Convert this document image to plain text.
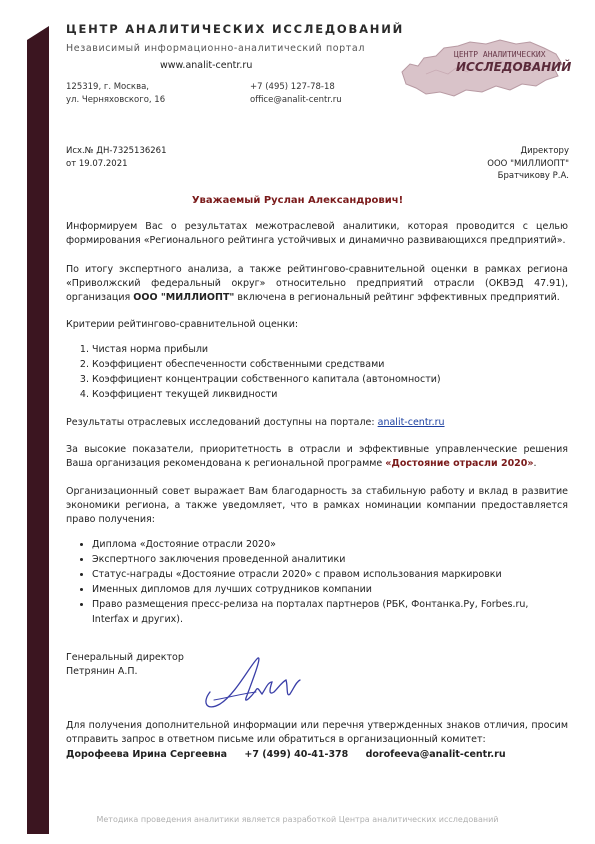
ЦЕНТР АНАЛИТИЧЕСКИХ ИССЛЕДОВАНИЙ
Независимый информационно-аналитический портал
www.analit-centr.ru
125319, г. Москва,
ул. Черняховского, 16
+7 (495) 127-78-18
office@analit-centr.ru
ЦЕНТР АНАЛИТИЧЕСКИХ
ИССЛЕДОВАНИЙ
Исх.№ ДН-7325136261
от 19.07.2021
Директору
ООО "МИЛЛИОПТ"
Братчикову Р.А.
Уважаемый Руслан Александрович!
Информируем Вас о результатах межотраслевой аналитики, которая проводится с целью формирования «Регионального рейтинга устойчивых и динамично развивающихся предприятий».
По итогу экспертного анализа, а также рейтингово-сравнительной оценки в рамках региона «Приволжский федеральный округ» относительно предприятий отрасли (ОКВЭД 47.91), организация ООО "МИЛЛИОПТ" включена в региональный рейтинг эффективных предприятий.
Критерии рейтингово-сравнительной оценки:
1. Чистая норма прибыли
2. Коэффициент обеспеченности собственными средствами
3. Коэффициент концентрации собственного капитала (автономности)
4. Коэффициент текущей ликвидности
Результаты отраслевых исследований доступны на портале: analit-centr.ru
За высокие показатели, приоритетность в отрасли и эффективные управленческие решения Ваша организация рекомендована к региональной программе «Достояние отрасли 2020».
Организационный совет выражает Вам благодарность за стабильную работу и вклад в развитие экономики региона, а также уведомляет, что в рамках номинации компании предоставляется право получения:
• Диплома «Достояние отрасли 2020»
• Экспертного заключения проведенной аналитики
• Статус-награды «Достояние отрасли 2020» с правом использования маркировки
• Именных дипломов для лучших сотрудников компании
• Право размещения пресс-релиза на порталах партнеров (РБК, Фонтанка.Ру, Forbes.ru, Interfax и других).
Генеральный директор
Петрянин А.П.
Для получения дополнительной информации или перечня утвержденных знаков отличия, просим отправить запрос в ответном письме или обратиться в организационный комитет:
Дорофеева Ирина Сергеевна +7 (499) 40-41-378 dorofeeva@analit-centr.ru
Методика проведения аналитики является разработкой Центра аналитических исследований
